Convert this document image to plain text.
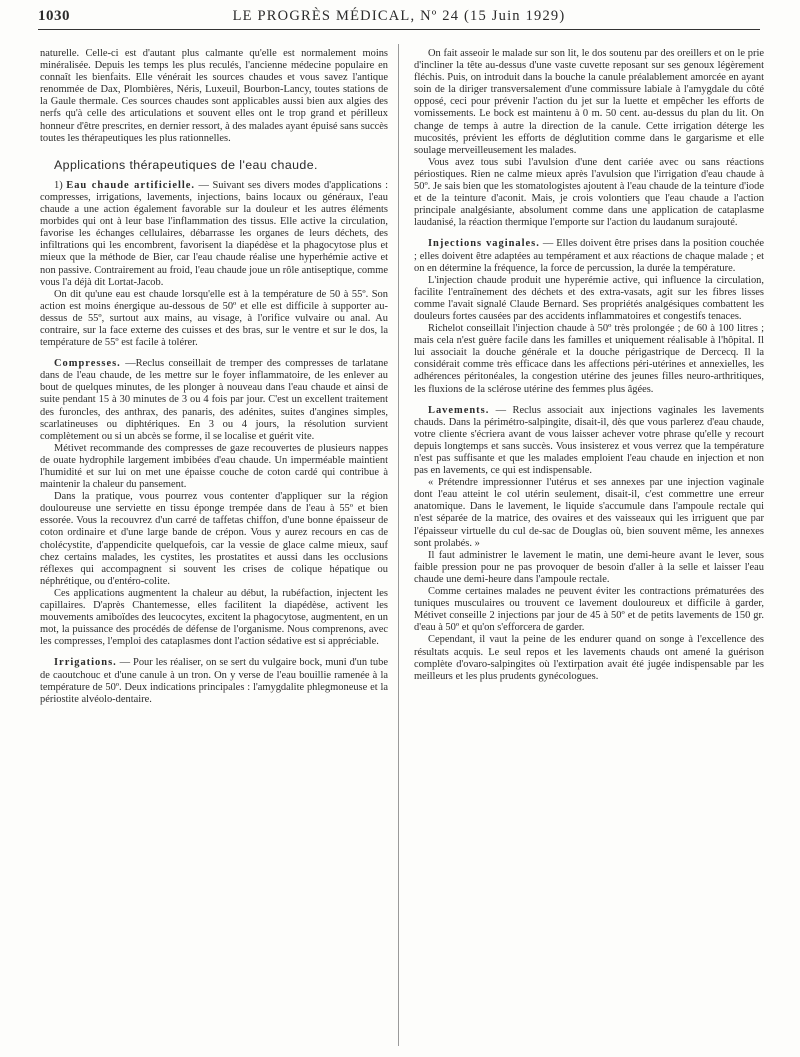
1030	LE PROGRÈS MÉDICAL, Nº 24 (15 Juin 1929)

naturelle. Celle-ci est d'autant plus calmante qu'elle est normalement moins minéralisée. Depuis les temps les plus reculés, l'ancienne médecine populaire en connaît les bienfaits. Elle vénérait les sources chaudes et vous savez l'antique renommée de Dax, Plombières, Néris, Luxeuil, Bourbon-Lancy, toutes stations de la Gaule thermale. Ces sources chaudes sont applicables aussi bien aux algies des nerfs qu'à celle des articulations et souvent elles ont le trop grand et périlleux honneur d'être prescrites, en dernier ressort, à des malades ayant épuisé sans succès toutes les thérapeutiques les plus rationnelles.

Applications thérapeutiques de l'eau chaude.

1) Eau chaude artificielle. — Suivant ses divers modes d'applications : compresses, irrigations, lavements, injections, bains locaux ou généraux, l'eau chaude a une action également favorable sur la douleur et les autres éléments morbides qui ont à leur base l'inflammation des tissus. Elle active la circulation, favorise les échanges cellulaires, débarrasse les organes de leurs déchets, des infiltrations qui les encombrent, favorisent la diapédèse et la phagocytose plus et mieux que la méthode de Bier, car l'eau chaude réalise une hyperhémie active et non passive. Contrairement au froid, l'eau chaude joue un rôle antiseptique, comme vous l'a déjà dit Lortat-Jacob.

On dit qu'une eau est chaude lorsqu'elle est à la température de 50 à 55º. Son action est moins énergique au-dessous de 50º et elle est difficile à supporter au-dessus de 55º, surtout aux mains, au visage, à l'orifice vulvaire ou anal. Au contraire, sur la face externe des cuisses et des bras, sur le ventre et sur le dos, la température de 55º est facile à tolérer.

Compresses. —Reclus conseillait de tremper des compresses de tarlatane dans de l'eau chaude, de les mettre sur le foyer inflammatoire, de les enlever au bout de quelques minutes, de les plonger à nouveau dans l'eau chaude et ainsi de suite pendant 15 à 30 minutes de 3 ou 4 fois par jour. C'est un excellent traitement des furoncles, des anthrax, des panaris, des adénites, suites d'angines simples, scarlatineuses ou diphtériques. En 3 ou 4 jours, la résolution survient complètement ou si un abcès se forme, il se localise et guérit vite.

Métivet recommande des compresses de gaze recouvertes de plusieurs nappes de ouate hydrophile largement imbibées d'eau chaude. Un imperméable maintient l'humidité et sur lui on met une épaisse couche de coton cardé qui contribue à maintenir la chaleur du pansement.

Dans la pratique, vous pourrez vous contenter d'appliquer sur la région douloureuse une serviette en tissu éponge trempée dans de l'eau à 55º et bien essorée. Vous la recouvrez d'un carré de taffetas chiffon, d'une bonne épaisseur de coton ordinaire et d'une large bande de crépon. Vous y aurez recours en cas de cholécystite, d'appendicite quelquefois, car la vessie de glace calme mieux, sauf chez certains malades, les cystites, les prostatites et aussi dans les occlusions réflexes qui accompagnent si souvent les crises de colique hépatique ou néphrétique, ou d'entéro-colite.

Ces applications augmentent la chaleur au début, la rubéfaction, injectent les capillaires. D'après Chantemesse, elles facilitent la diapédèse, activent les mouvements amiboïdes des leucocytes, excitent la phagocytose, augmentent, en un mot, la puissance des procédés de défense de l'organisme. Nous comprenons, avec les compresses, l'emploi des cataplasmes dont l'action sédative est si appréciable.

Irrigations. — Pour les réaliser, on se sert du vulgaire bock, muni d'un tube de caoutchouc et d'une canule à un tron. On y verse de l'eau bouillie ramenée à la température de 50º. Deux indications principales : l'amygdalite phlegmoneuse et la périostite alvéolo-dentaire.

On fait asseoir le malade sur son lit, le dos soutenu par des oreillers et on le prie d'incliner la tête au-dessus d'une vaste cuvette reposant sur ses genoux légèrement fléchis. Puis, on introduit dans la bouche la canule préalablement amorcée en ayant soin de la diriger transversalement d'une commissure labiale à l'amygdale du côté opposé, ceci pour prévenir l'action du jet sur la luette et empêcher les efforts de vomissements. Le bock est maintenu à 0 m. 50 cent. au-dessus du plan du lit. On change de temps à autre la direction de la canule. Cette irrigation déterge les mucosités, prévient les efforts de déglutition comme dans le gargarisme et elle soulage merveilleusement les malades.

Vous avez tous subi l'avulsion d'une dent cariée avec ou sans réactions périostiques. Rien ne calme mieux après l'avulsion que l'irrigation d'eau chaude à 50º. Je sais bien que les stomatologistes ajoutent à l'eau chaude de la teinture d'iode et de la teinture d'aconit. Mais, je crois volontiers que l'eau chaude a l'action principale analgésiante, absolument comme dans une application de cataplasme laudanisé, la réaction thermique l'emporte sur l'action du laudanum surajouté.

Injections vaginales. — Elles doivent être prises dans la position couchée ; elles doivent être adaptées au tempérament et aux réactions de chaque malade ; et on en détermine la fréquence, la force de percussion, la durée la température.

L'injection chaude produit une hyperémie active, qui influence la circulation, facilite l'entraînement des déchets et des extra-vasats, agit sur les fibres lisses comme l'avait signalé Claude Bernard. Ses propriétés analgésiques combattent les douleurs fortes causées par des accidents inflammatoires et congestifs tenaces.

Richelot conseillait l'injection chaude à 50º très prolongée ; de 60 à 100 litres ; mais cela n'est guère facile dans les familles et uniquement réalisable à l'hôpital. Il lui associait la douche générale et la douche périgastrique de Dercecq. Il la considérait comme très efficace dans les affections péri-utérines et annexielles, les adhérences péritonéales, la congestion utérine des jeunes filles neuro-arthritiques, les fluxions de la sclérose utérine des femmes plus âgées.

Lavements. — Reclus associait aux injections vaginales les lavements chauds. Dans la périmétro-salpingite, disait-il, dès que vous parlerez d'eau chaude, votre cliente s'écriera avant de vous laisser achever votre phrase qu'elle y recourt depuis longtemps et sans succès. Vous insisterez et vous verrez que la température n'est pas suffisante et que les malades emploient l'eau chaude en injection et non pas en lavements, ce qui est indispensable.

« Prétendre impressionner l'utérus et ses annexes par une injection vaginale dont l'eau atteint le col utérin seulement, disait-il, c'est commettre une erreur anatomique. Dans le lavement, le liquide s'accumule dans l'ampoule rectale qui n'est séparée de la matrice, des ovaires et des vaisseaux qui les irriguent que par l'épaisseur virtuelle du cul de-sac de Douglas où, bien souvent même, les annexes sont prolabés. »

Il faut administrer le lavement le matin, une demi-heure avant le lever, sous faible pression pour ne pas provoquer de besoin d'aller à la selle et laisser l'eau chaude une demi-heure dans l'ampoule rectale.

Comme certaines malades ne peuvent éviter les contractions prématurées des tuniques musculaires ou trouvent ce lavement douloureux et difficile à garder, Métivet conseille 2 injections par jour de 45 à 50º et de petits lavements de 150 gr. d'eau à 50º et qu'on s'efforcera de garder.

Cependant, il vaut la peine de les endurer quand on songe à l'excellence des résultats acquis. Le seul repos et les lavements chauds ont amené la guérison complète d'ovaro-salpingites où l'extirpation avait été jugée indispensable par les meilleurs et les plus prudents gynécologues.
